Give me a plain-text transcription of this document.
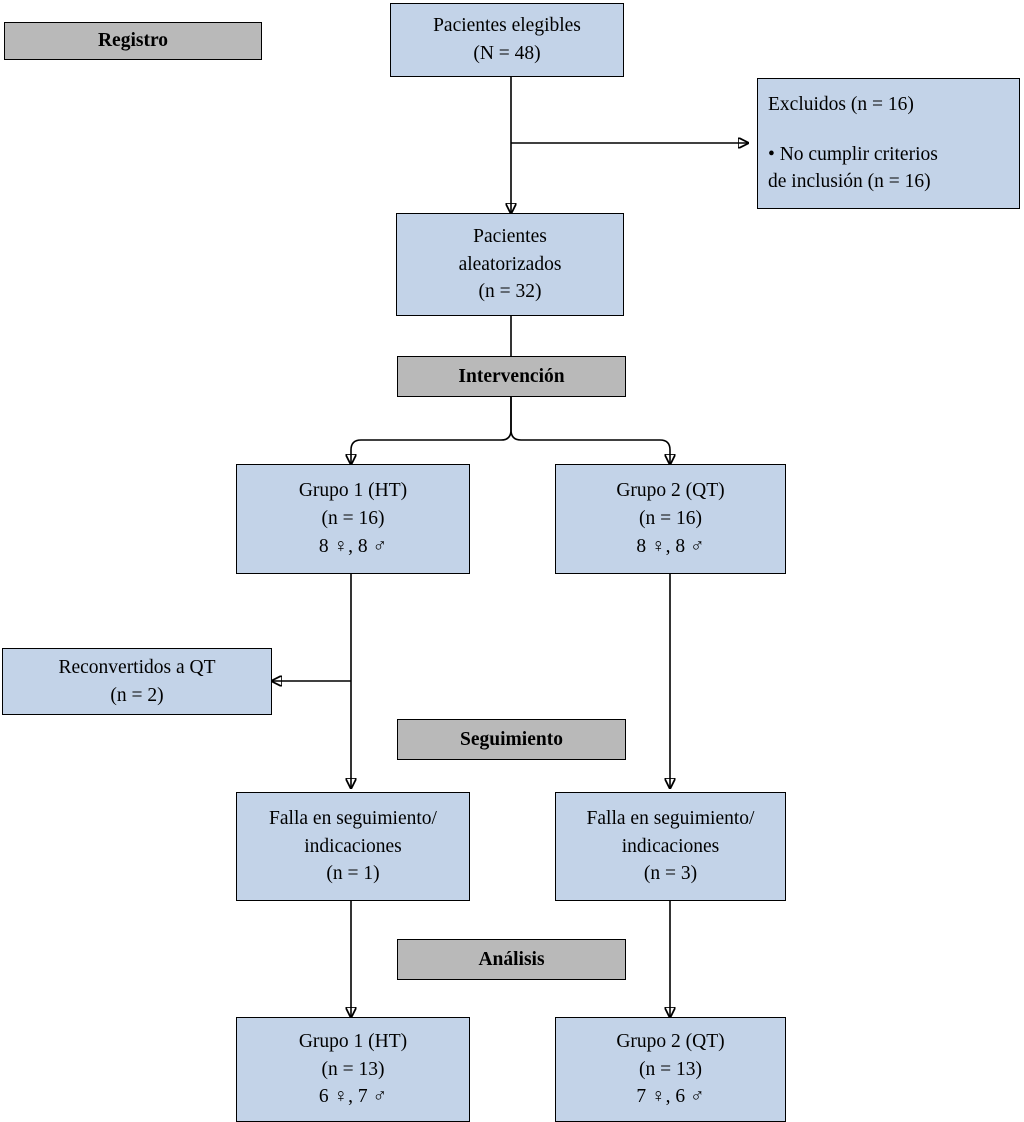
Registro
Pacientes elegibles
(N = 48)
Excluidos (n = 16)
• No cumplir criterios
de inclusión (n = 16)
Pacientes
aleatorizados
(n = 32)
Intervención
Grupo 1 (HT)
(n = 16)
8 ♀, 8 ♂
Grupo 2 (QT)
(n = 16)
8 ♀, 8 ♂
Reconvertidos a QT
(n = 2)
Seguimiento
Falla en seguimiento/
indicaciones
(n = 1)
Falla en seguimiento/
indicaciones
(n = 3)
Análisis
Grupo 1 (HT)
(n = 13)
6 ♀, 7 ♂
Grupo 2 (QT)
(n = 13)
7 ♀, 6 ♂
